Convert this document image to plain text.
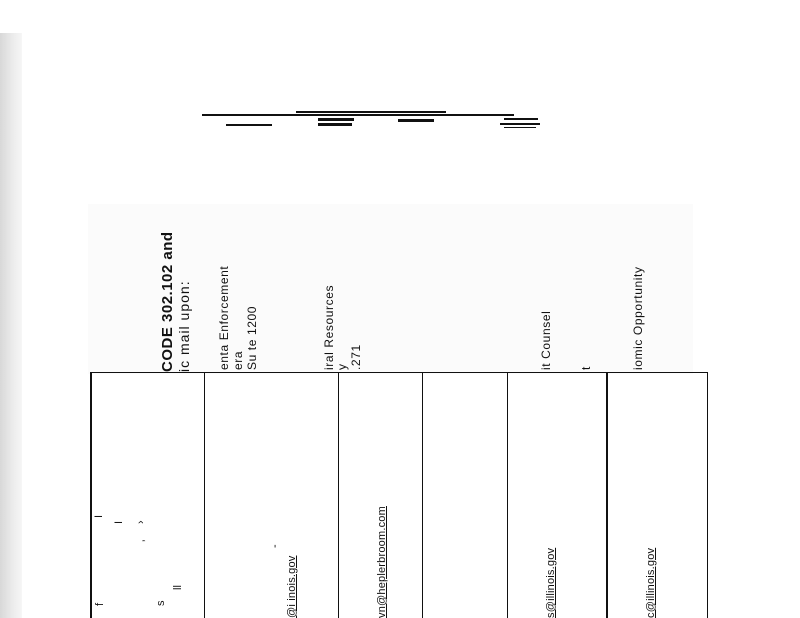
CODE 302.102 and ic mail upon: enta Enforcement era Su te 1200
@i inois.gov
iral Resources y .271
vn@heplerbroom.com
it Counsel t
s@illinois.gov
iomic Opportunity
c@illinois.gov
f	s
ll
I
I ›
’
-
